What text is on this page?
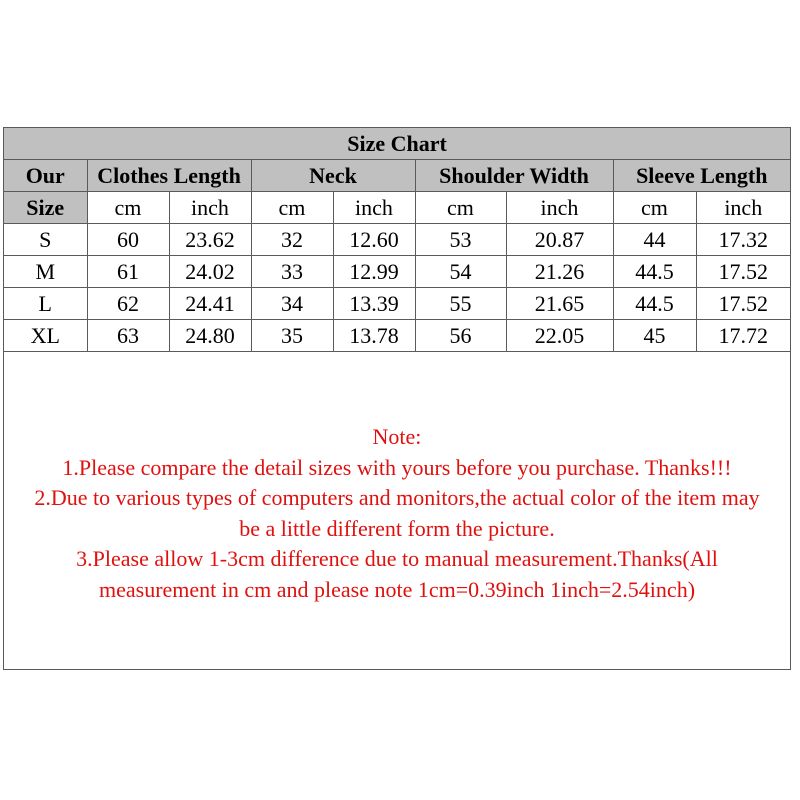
Size Chart								
Our	Clothes Length		Neck		Shoulder Width		Sleeve Length	
Size	cm	inch	cm	inch	cm	inch	cm	inch
S	60	23.62	32	12.60	53	20.87	44	17.32
M	61	24.02	33	12.99	54	21.26	44.5	17.52
L	62	24.41	34	13.39	55	21.65	44.5	17.52
XL	63	24.80	35	13.78	56	22.05	45	17.72
Note:
1.Please compare the detail sizes with yours before you purchase. Thanks!!!
2.Due to various types of computers and monitors,the actual color of the item may
be a little different form the picture.
3.Please allow 1-3cm difference due to manual measurement.Thanks(All
measurement in cm and please note 1cm=0.39inch 1inch=2.54inch)
